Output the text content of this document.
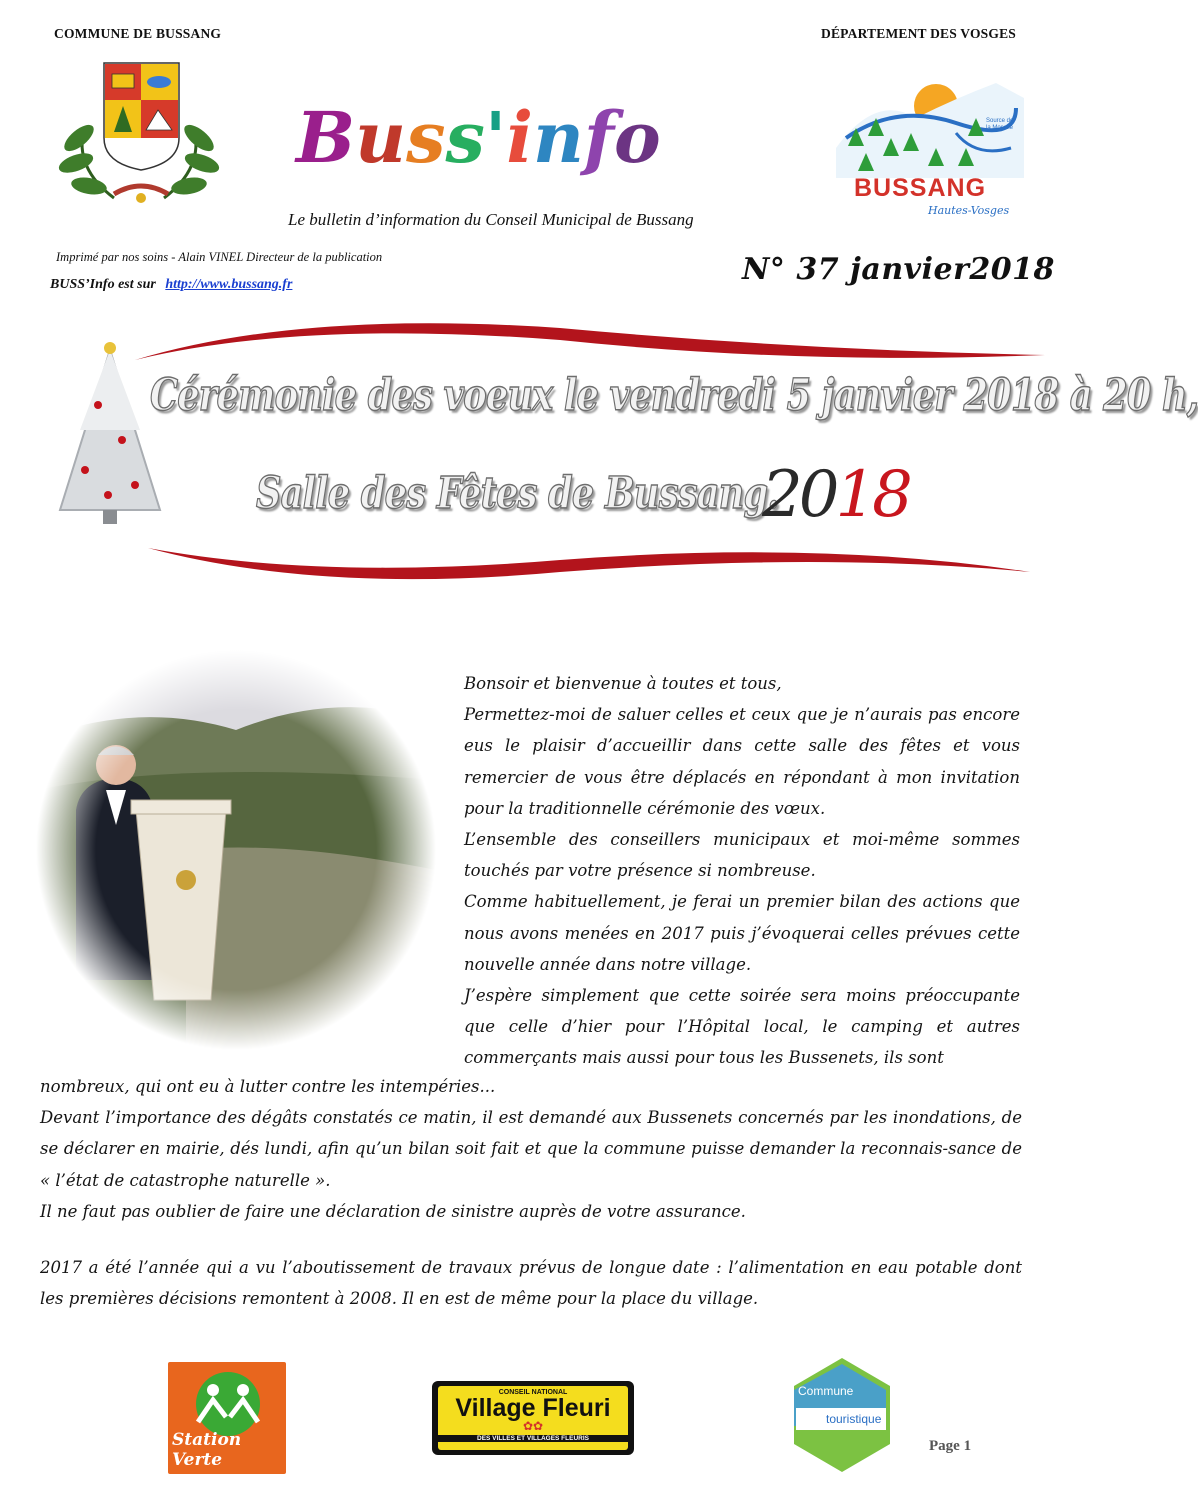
COMMUNE DE BUSSANG	DÉPARTEMENT DES VOSGES
Buss'info
BUSSANG
Hautes-Vosges
Source de la Moselle
Le bulletin d’information du Conseil Municipal de Bussang
Imprimé par nos soins - Alain VINEL Directeur de la publication
BUSS’Info est sur http://www.bussang.fr	N° 37 janvier2018
Cérémonie des voeux le vendredi 5 janvier 2018 à 20 h,
Salle des Fêtes de Bussang.
2018

Bonsoir et bienvenue à toutes et tous,

Permettez-moi de saluer celles et ceux que je n’aurais pas encore eus le plaisir d’accueillir dans cette salle des fêtes et vous remercier de vous être déplacés en répondant à mon invitation pour la traditionnelle cérémonie des vœux.

L’ensemble des conseillers municipaux et moi-même sommes touchés par votre présence si nombreuse.

Comme habituellement, je ferai un premier bilan des actions que nous avons menées en 2017 puis j’évoquerai celles prévues cette nouvelle année dans notre village.

J’espère simplement que cette soirée sera moins préoccupante que celle d’hier pour l’Hôpital local, le camping et autres commerçants mais aussi pour tous les Bussenets, ils sont

nombreux, qui ont eu à lutter contre les intempéries...

Devant l’importance des dégâts constatés ce matin, il est demandé aux Bussenets concernés par les inondations, de se déclarer en mairie, dés lundi, afin qu’un bilan soit fait et que la commune puisse demander la reconnais-sance de « l’état de catastrophe naturelle ».

Il ne faut pas oublier de faire une déclaration de sinistre auprès de votre assurance.

2017 a été l’année qui a vu l’aboutissement de travaux prévus de longue date : l’alimentation en eau potable dont les premières décisions remontent à 2008. Il en est de même pour la place du village.

Station Verte
CONSEIL NATIONAL
Village Fleuri
✿✿
DES VILLES ET VILLAGES FLEURIS
Commune
touristique
Page 1
